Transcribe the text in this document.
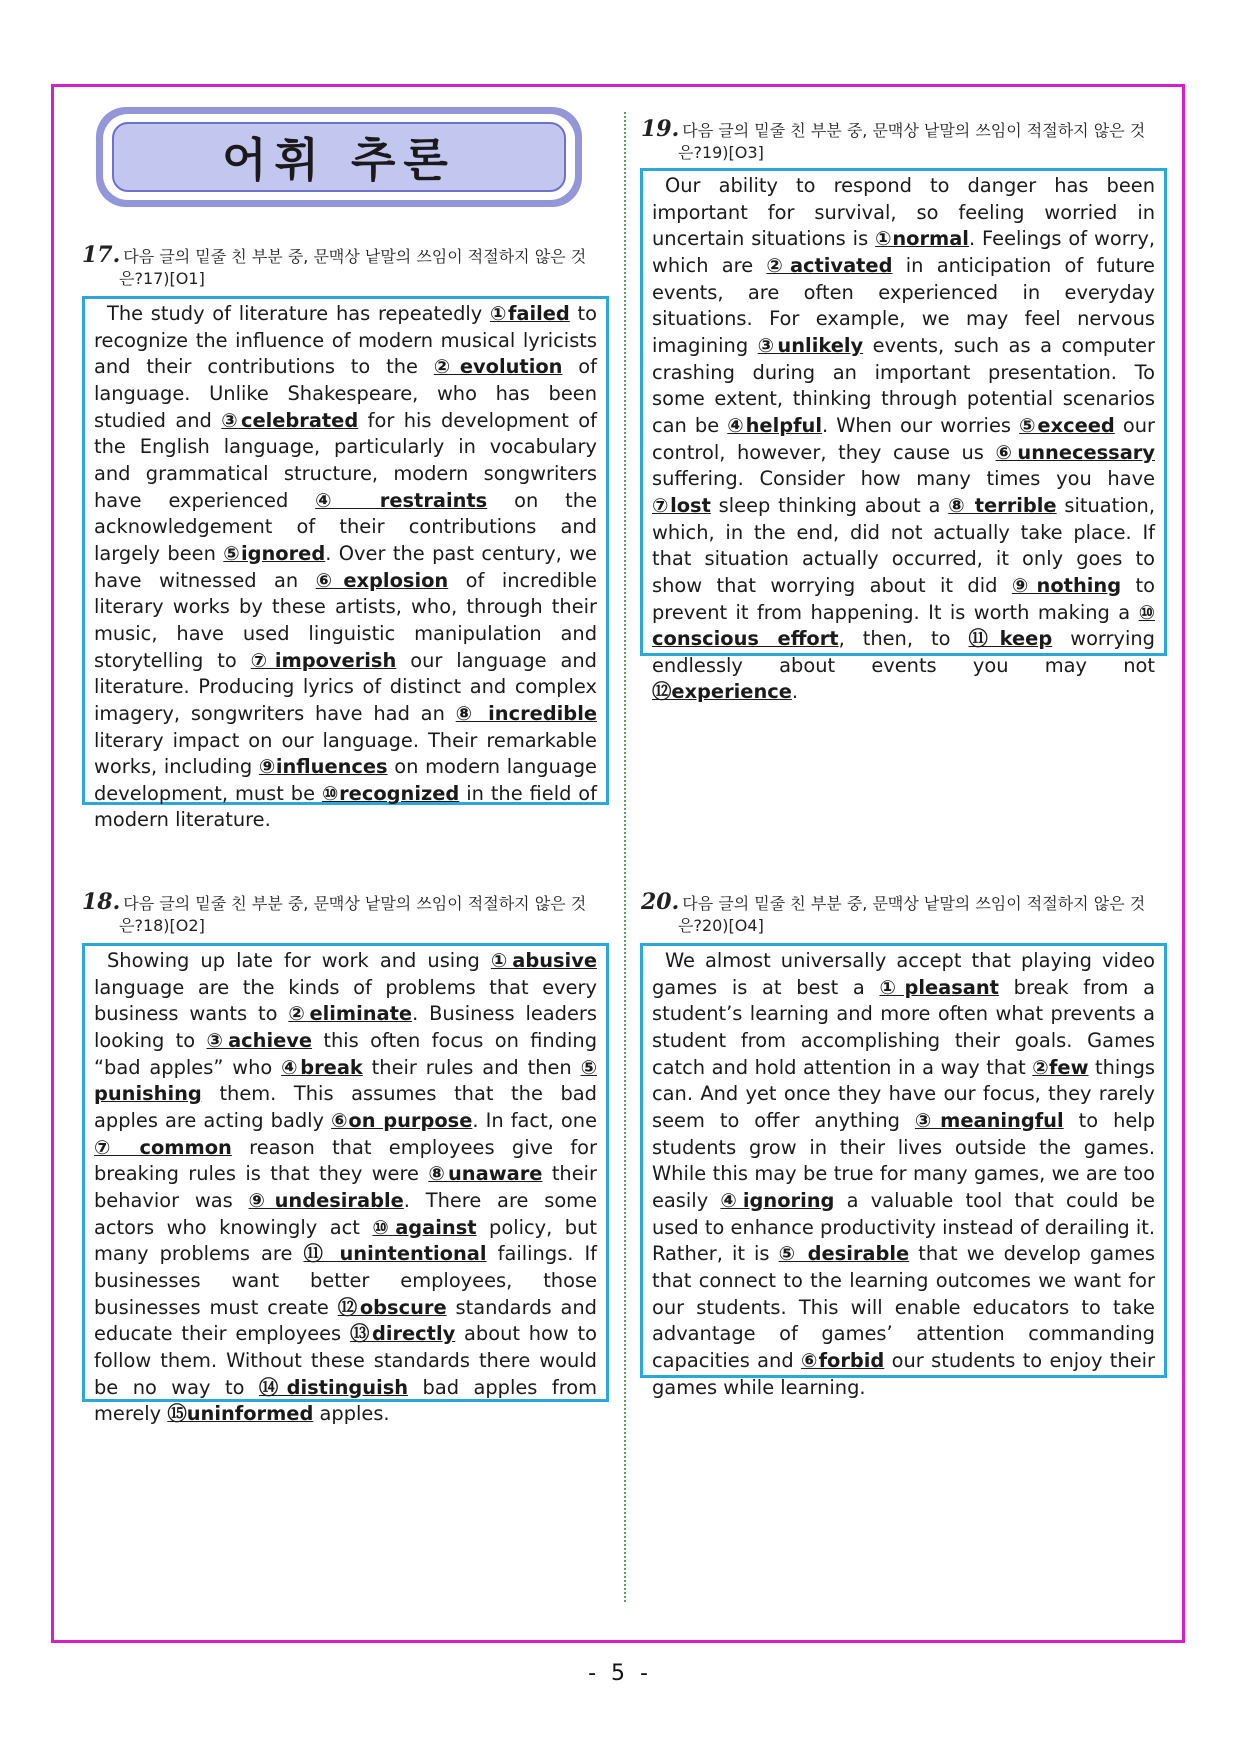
어휘 추론
17. 다음 글의 밑줄 친 부분 중, 문맥상 낱말의 쓰임이 적절하지 않은 것
은?17)[O1]

The study of literature has repeatedly ①failed to recognize the influence of modern musical lyricists and their contributions to the ②evolution of language. Unlike Shakespeare, who has been studied and ③celebrated for his development of the English language, particularly in vocabulary and grammatical structure, modern songwriters have experienced ④ restraints on the acknowledgement of their contributions and largely been ⑤ignored. Over the past century, we have witnessed an ⑥explosion of incredible literary works by these artists, who, through their music, have used linguistic manipulation and storytelling to ⑦impoverish our language and literature. Producing lyrics of distinct and complex imagery, songwriters have had an ⑧ incredible literary impact on our language. Their remarkable works, including ⑨influences on modern language development, must be ⑩recognized in the field of modern literature.

18. 다음 글의 밑줄 친 부분 중, 문맥상 낱말의 쓰임이 적절하지 않은 것
은?18)[O2]

Showing up late for work and using ①abusive language are the kinds of problems that every business wants to ②eliminate. Business leaders looking to ③achieve this often focus on finding “bad apples” who ④break their rules and then ⑤ punishing them. This assumes that the bad apples are acting badly ⑥on purpose. In fact, one ⑦ common reason that employees give for breaking rules is that they were ⑧unaware their behavior was ⑨undesirable. There are some actors who knowingly act ⑩against policy, but many problems are ⑪ unintentional failings. If businesses want better employees, those businesses must create ⑫obscure standards and educate their employees ⑬directly about how to follow them. Without these standards there would be no way to ⑭distinguish bad apples from merely ⑮uninformed apples.

19. 다음 글의 밑줄 친 부분 중, 문맥상 낱말의 쓰임이 적절하지 않은 것
은?19)[O3]

Our ability to respond to danger has been important for survival, so feeling worried in uncertain situations is ①normal. Feelings of worry, which are ②activated in anticipation of future events, are often experienced in everyday situations. For example, we may feel nervous imagining ③unlikely events, such as a computer crashing during an important presentation. To some extent, thinking through potential scenarios can be ④helpful. When our worries ⑤exceed our control, however, they cause us ⑥unnecessary suffering. Consider how many times you have ⑦lost sleep thinking about a ⑧ terrible situation, which, in the end, did not actually take place. If that situation actually occurred, it only goes to show that worrying about it did ⑨nothing to prevent it from happening. It is worth making a ⑩ conscious effort, then, to ⑪keep worrying endlessly about events you may not ⑫experience.

20. 다음 글의 밑줄 친 부분 중, 문맥상 낱말의 쓰임이 적절하지 않은 것
은?20)[O4]

We almost universally accept that playing video games is at best a ①pleasant break from a student’s learning and more often what prevents a student from accomplishing their goals. Games catch and hold attention in a way that ②few things can. And yet once they have our focus, they rarely seem to offer anything ③meaningful to help students grow in their lives outside the games. While this may be true for many games, we are too easily ④ignoring a valuable tool that could be used to enhance productivity instead of derailing it. Rather, it is ⑤ desirable that we develop games that connect to the learning outcomes we want for our students. This will enable educators to take advantage of games’ attention commanding capacities and ⑥forbid our students to enjoy their games while learning.

- 5 -
